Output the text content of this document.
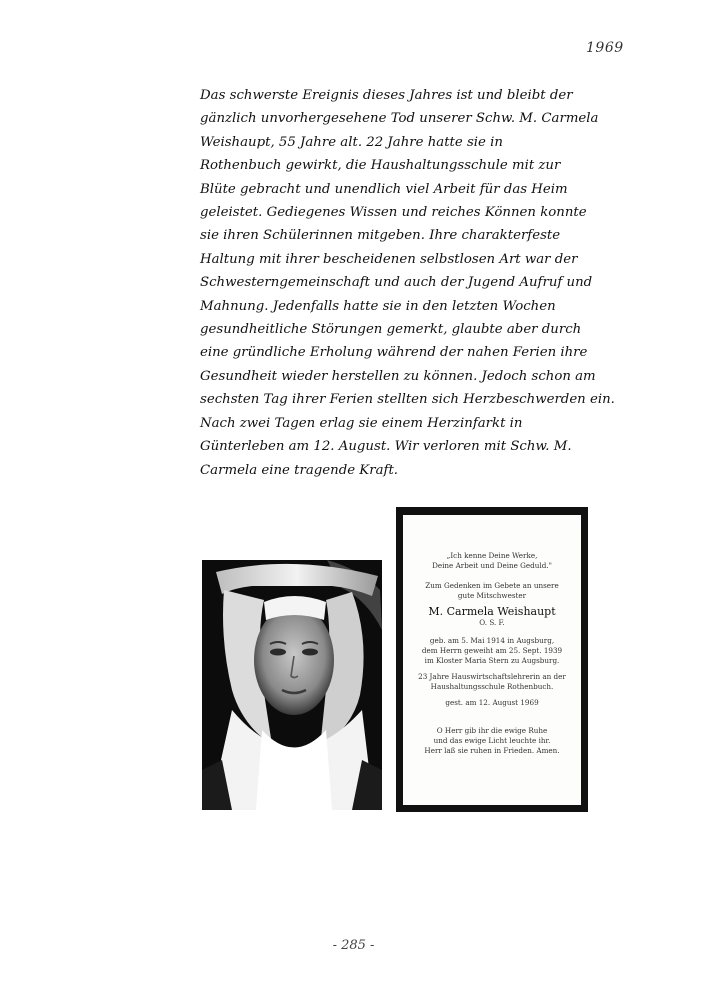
1969
Das schwerste Ereignis dieses Jahres ist und bleibt der
gänzlich unvorhergesehene Tod unserer Schw. M. Carmela
Weishaupt, 55 Jahre alt. 22 Jahre hatte sie in
Rothenbuch gewirkt, die Haushaltungsschule mit zur
Blüte gebracht und unendlich viel Arbeit für das Heim
geleistet. Gediegenes Wissen und reiches Können konnte
sie ihren Schülerinnen mitgeben. Ihre charakterfeste
Haltung mit ihrer bescheidenen selbstlosen Art war der
Schwesterngemeinschaft und auch der Jugend Aufruf und
Mahnung. Jedenfalls hatte sie in den letzten Wochen
gesundheitliche Störungen gemerkt, glaubte aber durch
eine gründliche Erholung während der nahen Ferien ihre
Gesundheit wieder herstellen zu können. Jedoch schon am
sechsten Tag ihrer Ferien stellten sich Herzbeschwerden ein.
Nach zwei Tagen erlag sie einem Herzinfarkt in
Günterleben am 12. August. Wir verloren mit Schw. M.
Carmela eine tragende Kraft.
„Ich kenne Deine Werke,
Deine Arbeit und Deine Geduld."
Zum Gedenken im Gebete an unsere
gute Mitschwester
M. Carmela Weishaupt
O. S. F.
geb. am 5. Mai 1914 in Augsburg,
dem Herrn geweiht am 25. Sept. 1939
im Kloster Maria Stern zu Augsburg.
23 Jahre Hauswirtschaftslehrerin an der
Haushaltungsschule Rothenbuch.
gest. am 12. August 1969
O Herr gib ihr die ewige Ruhe
und das ewige Licht leuchte ihr.
Herr laß sie ruhen in Frieden. Amen.
- 285 -
